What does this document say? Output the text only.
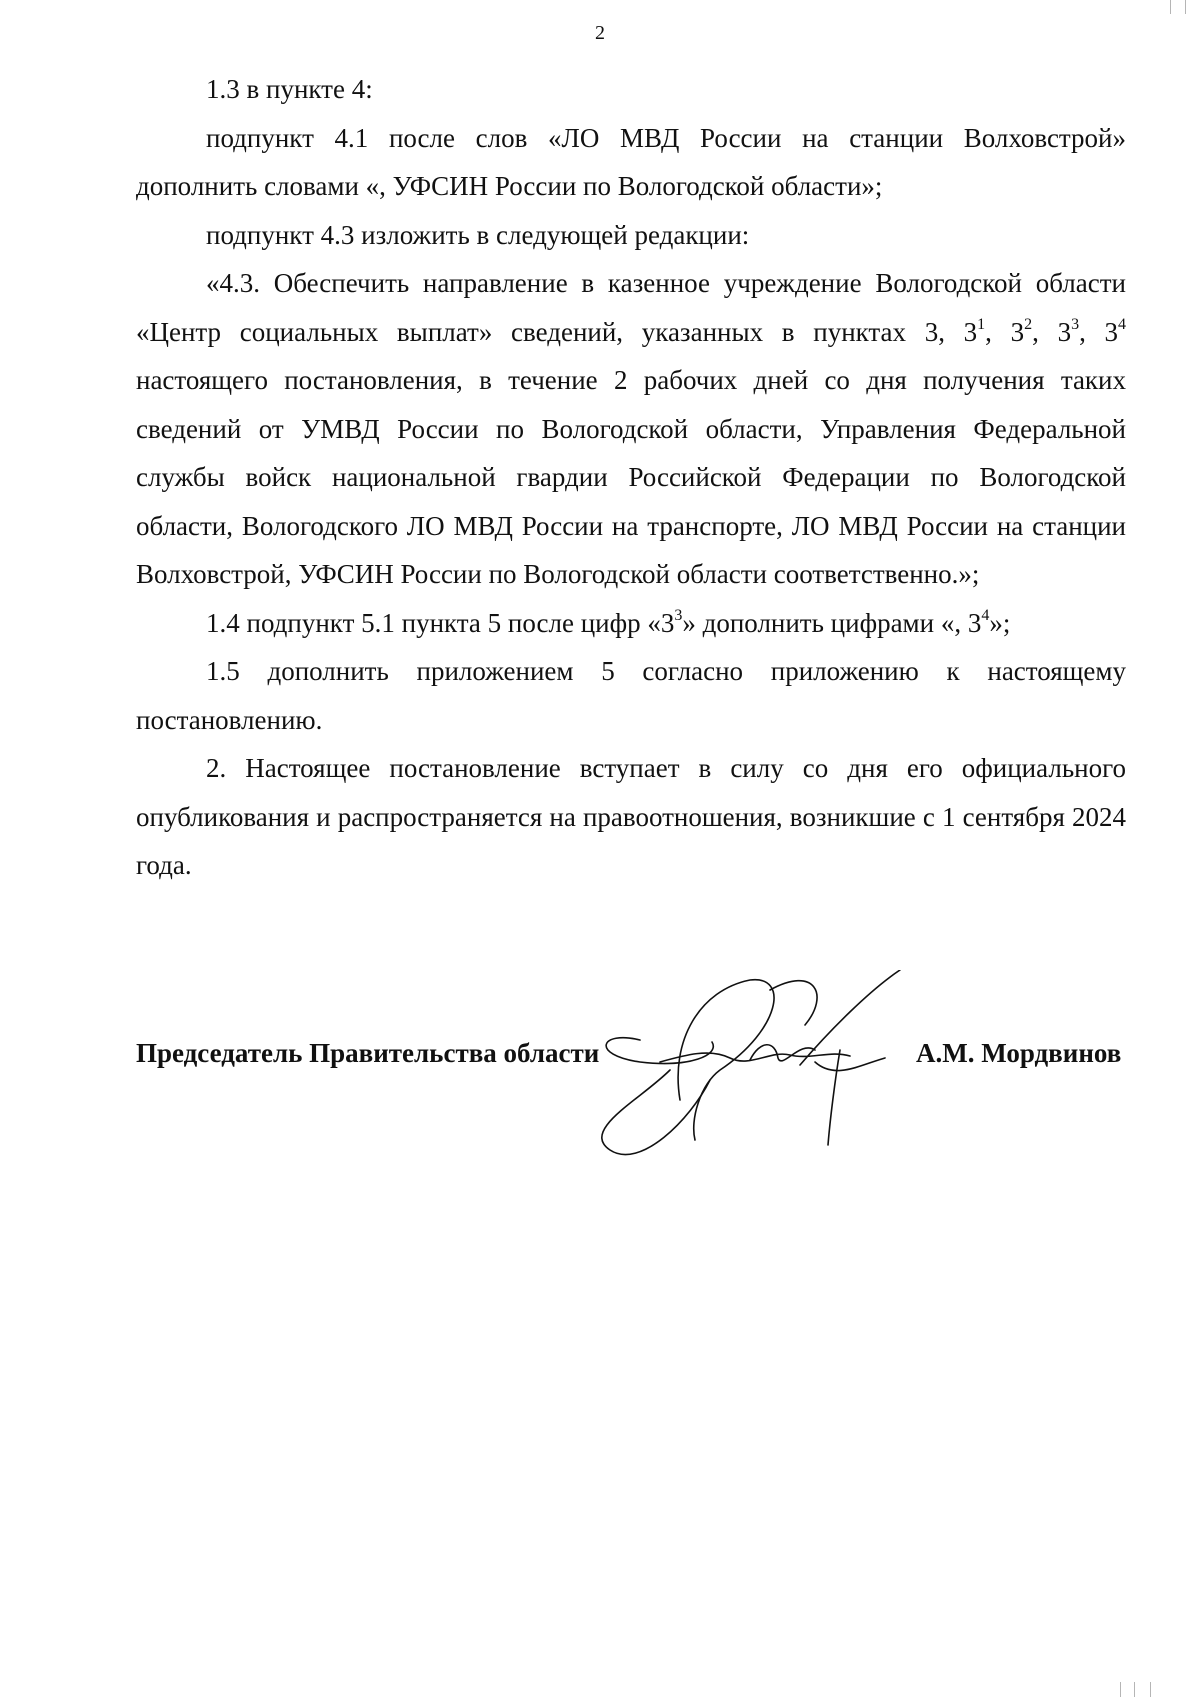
2

1.3 в пункте 4:

подпункт 4.1 после слов «ЛО МВД России на станции Волховстрой» дополнить словами «, УФСИН России по Вологодской области»;

подпункт 4.3 изложить в следующей редакции:

«4.3. Обеспечить направление в казенное учреждение Вологодской области «Центр социальных выплат» сведений, указанных в пунктах 3, $3^1$, $3^2$, $3^3$, $3^4$ настоящего постановления, в течение 2 рабочих дней со дня получения таких сведений от УМВД России по Вологодской области, Управления Федеральной службы войск национальной гвардии Российской Федерации по Вологодской области, Вологодского ЛО МВД России на транспорте, ЛО МВД России на станции Волховстрой, УФСИН России по Вологодской области соответственно.»;

1.4 подпункт 5.1 пункта 5 после цифр «$3^3$» дополнить цифрами «, $3^4$»;

1.5 дополнить приложением 5 согласно приложению к настоящему постановлению.

2. Настоящее постановление вступает в силу со дня его официального опубликования и распространяется на правоотношения, возникшие с 1 сентября 2024 года.

Председатель Правительства области	А.М. Мордвинов
